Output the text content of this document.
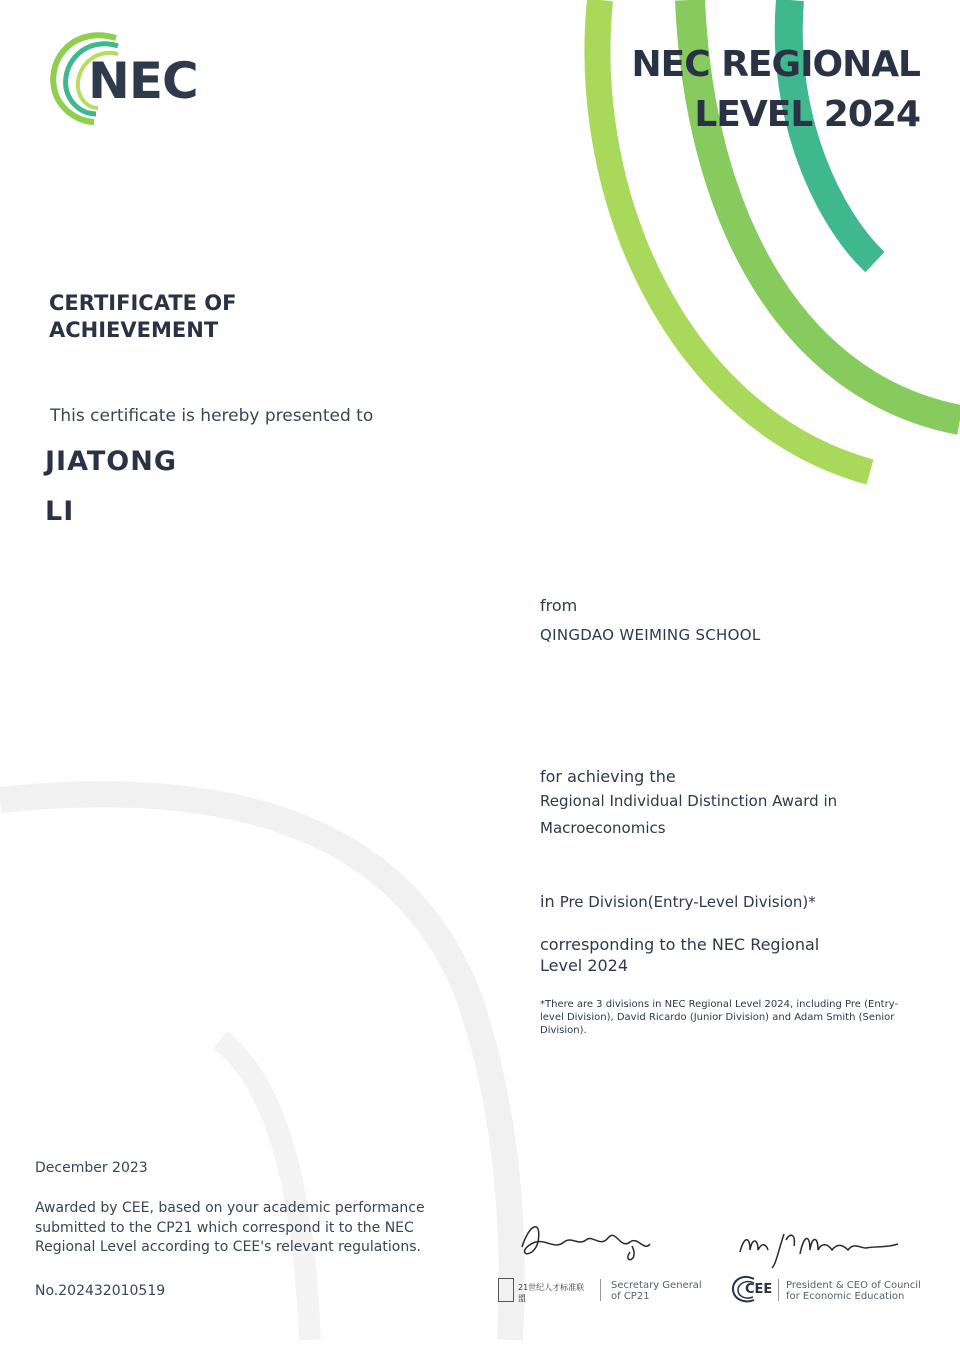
NEC	NEC REGIONAL
LEVEL 2024
CERTIFICATE OF
ACHIEVEMENT
This certificate is hereby presented to
JIATONG
LI
from
QINGDAO WEIMING SCHOOL
for achieving the
Regional Individual Distinction Award in
Macroeconomics
in Pre Division(Entry-Level Division)*
corresponding to the NEC Regional
Level 2024
*There are 3 divisions in NEC Regional Level 2024, including Pre (Entry-level Division), David Ricardo (Junior Division) and Adam Smith (Senior Division).
December 2023
Awarded by CEE, based on your academic performance submitted to the CP21 which correspond it to the NEC Regional Level according to CEE's relevant regulations.
No.202432010519	21世纪人才标准联盟
Secretary General
of CP21	CEE President & CEO of Council
for Economic Education
